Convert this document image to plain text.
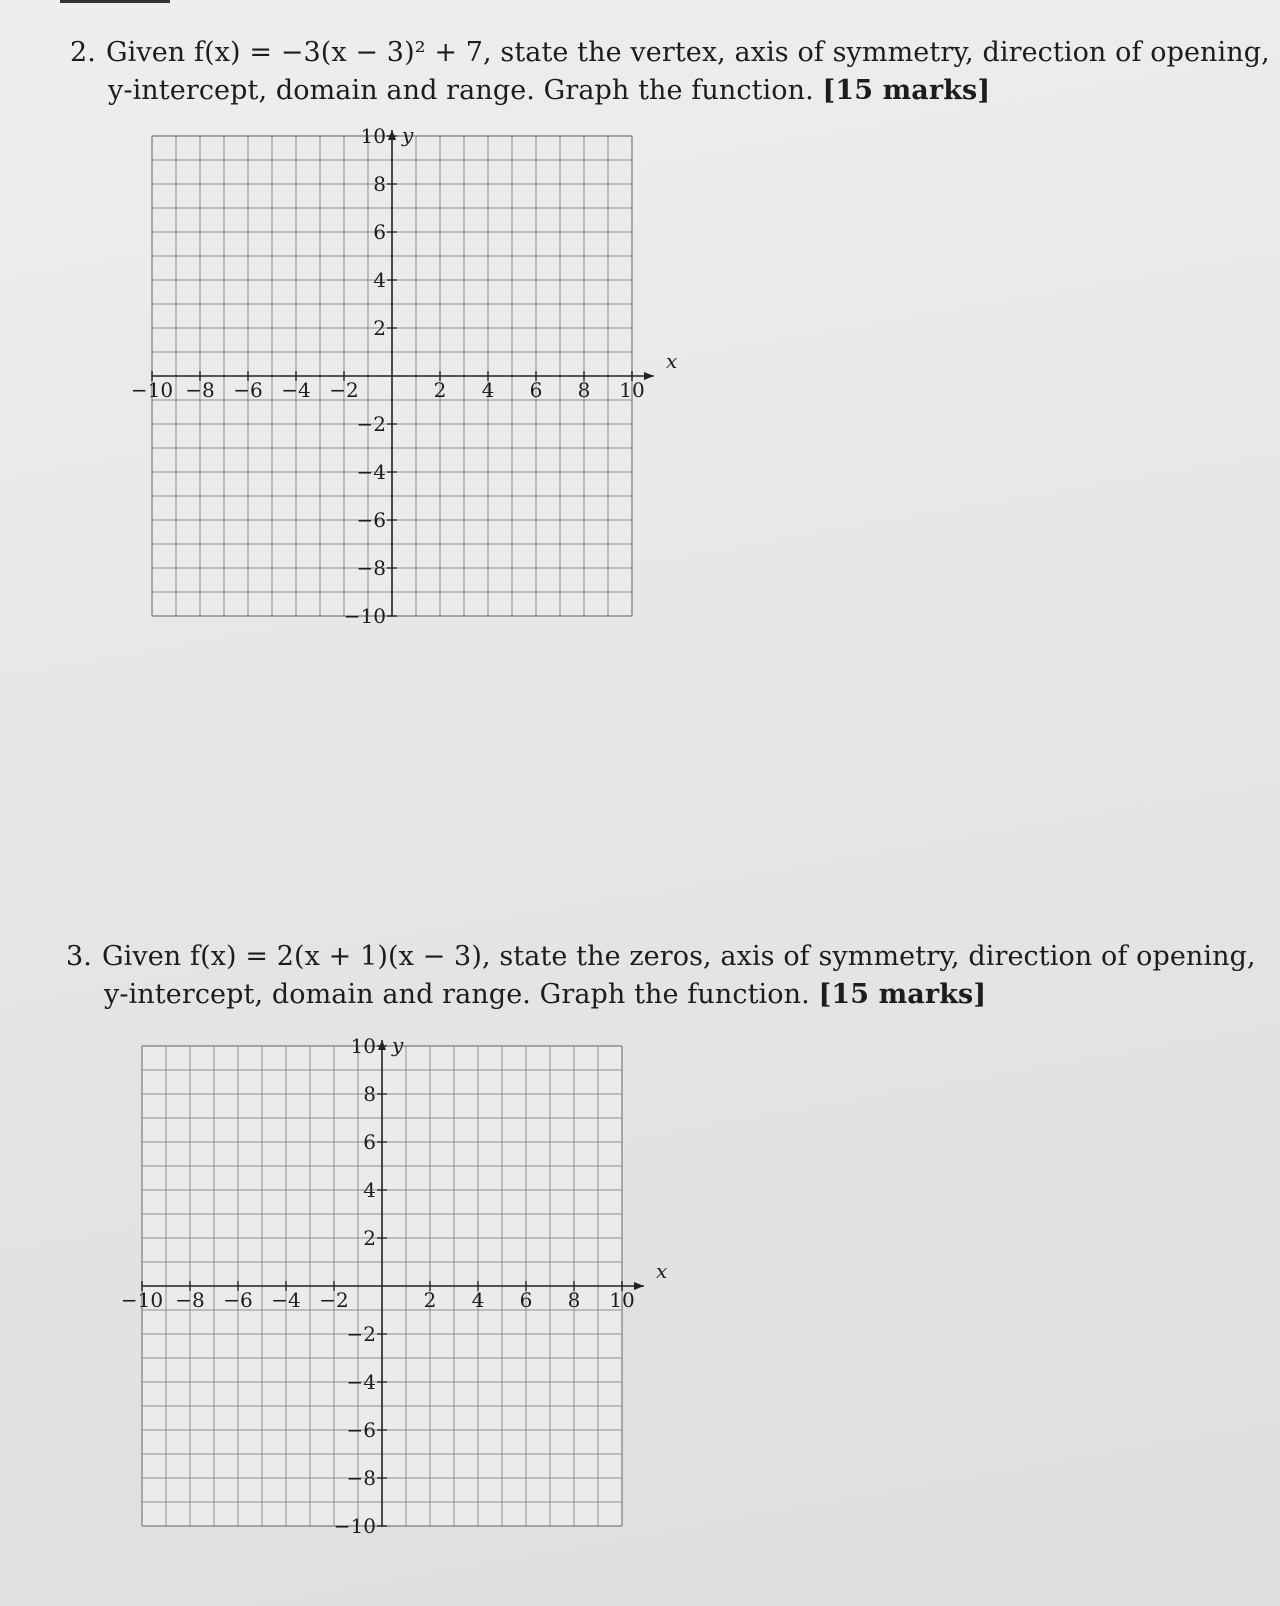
2. Given f(x) = −3(x − 3)² + 7, state the vertex, axis of symmetry, direction of opening,
y-intercept, domain and range. Graph the function. [15 marks]
x
y
−10 −8 −6 −4 −2	2 4 6 8 10
10
8
6
4
2
−2
−4
−6
−8
−10
3. Given f(x) = 2(x + 1)(x − 3), state the zeros, axis of symmetry, direction of opening,
y-intercept, domain and range. Graph the function. [15 marks]
x
y
−10 −8 −6 −4 −2	2 4 6 8 10
10
8
6
4
2
−2
−4
−6
−8
−10
